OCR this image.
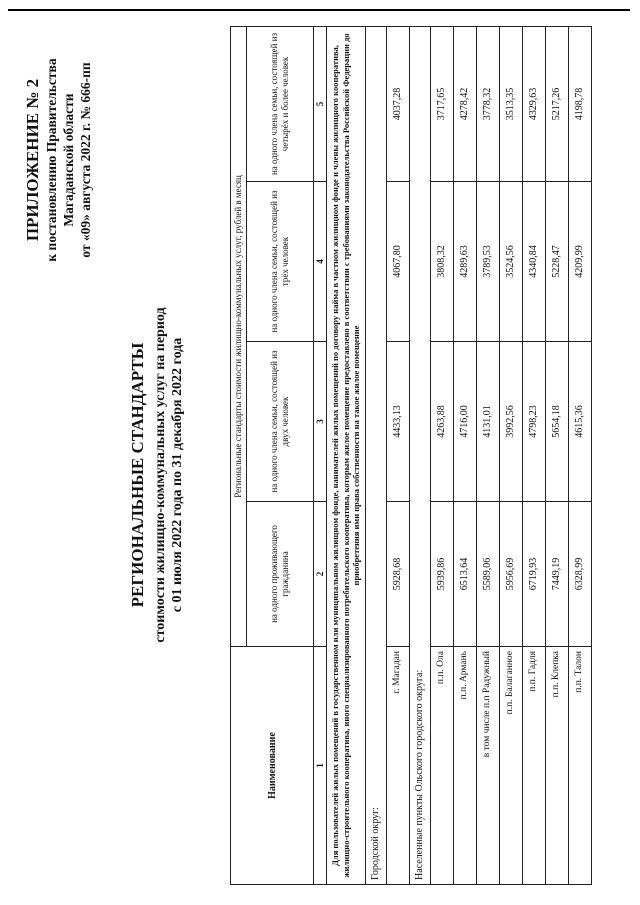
ПРИЛОЖЕНИЕ № 2 к постановлению Правительства Магаданской области от «09» августа 2022 г. № 666-пп
РЕГИОНАЛЬНЫЕ СТАНДАРТЫ стоимости жилищно-коммунальных услуг на период с 01 июля 2022 года по 31 декабря 2022 года
Наименование	Региональные стандарты стоимости жилищно-коммунальных услуг, рублей в месяц			
	на одного проживающего гражданина	на одного члена семьи, состоящей из двух человек	на одного члена семьи, состоящей из трёх человек	на одного члена семьи, состоящей из четырёх и более человек
1	2	3	4	5
Для пользователей жилых помещений в государственном или муниципальном жилищном фонде, нанимателей жилых помещений по договору найма в частном жилищном фонде и члены жилищного кооператива, жилищно-строительного кооператива, иного специализированного потребительского кооператива, которым жилое помещение предоставлено в соответствии с требованиями законодательства Российской Федерации до приобретения ими права собственности на такое жилое помещение				
Городской округ:				
г. Магадан	5928,68	4433,13	4067,80	4037,28
Населенные пункты Ольского городского округа:				
п.п. Ола	5939,86	4263,88	3808,32	3717,65
п.п. Армань	6513,64	4716,00	4289,63	4278,42
в том числе п.п Радужный	5589,06	4131,01	3789,53	3778,32
п.п. Балаганное	5956,69	3992,56	3524,56	3513,35
п.п. Гадля	6719,93	4798,23	4340,84	4329,63
п.п. Клепка	7449,19	5654,18	5228,47	5217,26
п.п. Талон	6328,99	4615,36	4209,99	4198,78
